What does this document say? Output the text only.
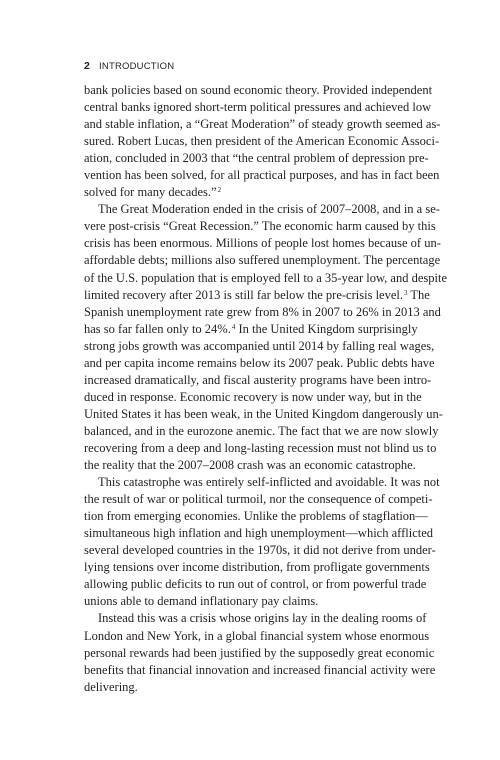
2 INTRODUCTION
bank policies based on sound economic theory. Provided independent
central banks ignored short-term political pressures and achieved low
and stable inflation, a “Great Moderation” of steady growth seemed as-
sured. Robert Lucas, then president of the American Economic Associ-
ation, concluded in 2003 that “the central problem of depression pre-
vention has been solved, for all practical purposes, and has in fact been
solved for many decades.”$^2$
The Great Moderation ended in the crisis of 2007–2008, and in a se-
vere post-crisis “Great Recession.” The economic harm caused by this
crisis has been enormous. Millions of people lost homes because of un-
affordable debts; millions also suffered unemployment. The percentage
of the U.S. population that is employed fell to a 35-year low, and despite
limited recovery after 2013 is still far below the pre-crisis level.$^3$ The
Spanish unemployment rate grew from 8% in 2007 to 26% in 2013 and
has so far fallen only to 24%.$^4$ In the United Kingdom surprisingly
strong jobs growth was accompanied until 2014 by falling real wages,
and per capita income remains below its 2007 peak. Public debts have
increased dramatically, and fiscal austerity programs have been intro-
duced in response. Economic recovery is now under way, but in the
United States it has been weak, in the United Kingdom dangerously un-
balanced, and in the eurozone anemic. The fact that we are now slowly
recovering from a deep and long-lasting recession must not blind us to
the reality that the 2007–2008 crash was an economic catastrophe.
This catastrophe was entirely self-inflicted and avoidable. It was not
the result of war or political turmoil, nor the consequence of competi-
tion from emerging economies. Unlike the problems of stagflation—
simultaneous high inflation and high unemployment—which afflicted
several developed countries in the 1970s, it did not derive from under-
lying tensions over income distribution, from profligate governments
allowing public deficits to run out of control, or from powerful trade
unions able to demand inflationary pay claims.
Instead this was a crisis whose origins lay in the dealing rooms of
London and New York, in a global financial system whose enormous
personal rewards had been justified by the supposedly great economic
benefits that financial innovation and increased financial activity were
delivering.
